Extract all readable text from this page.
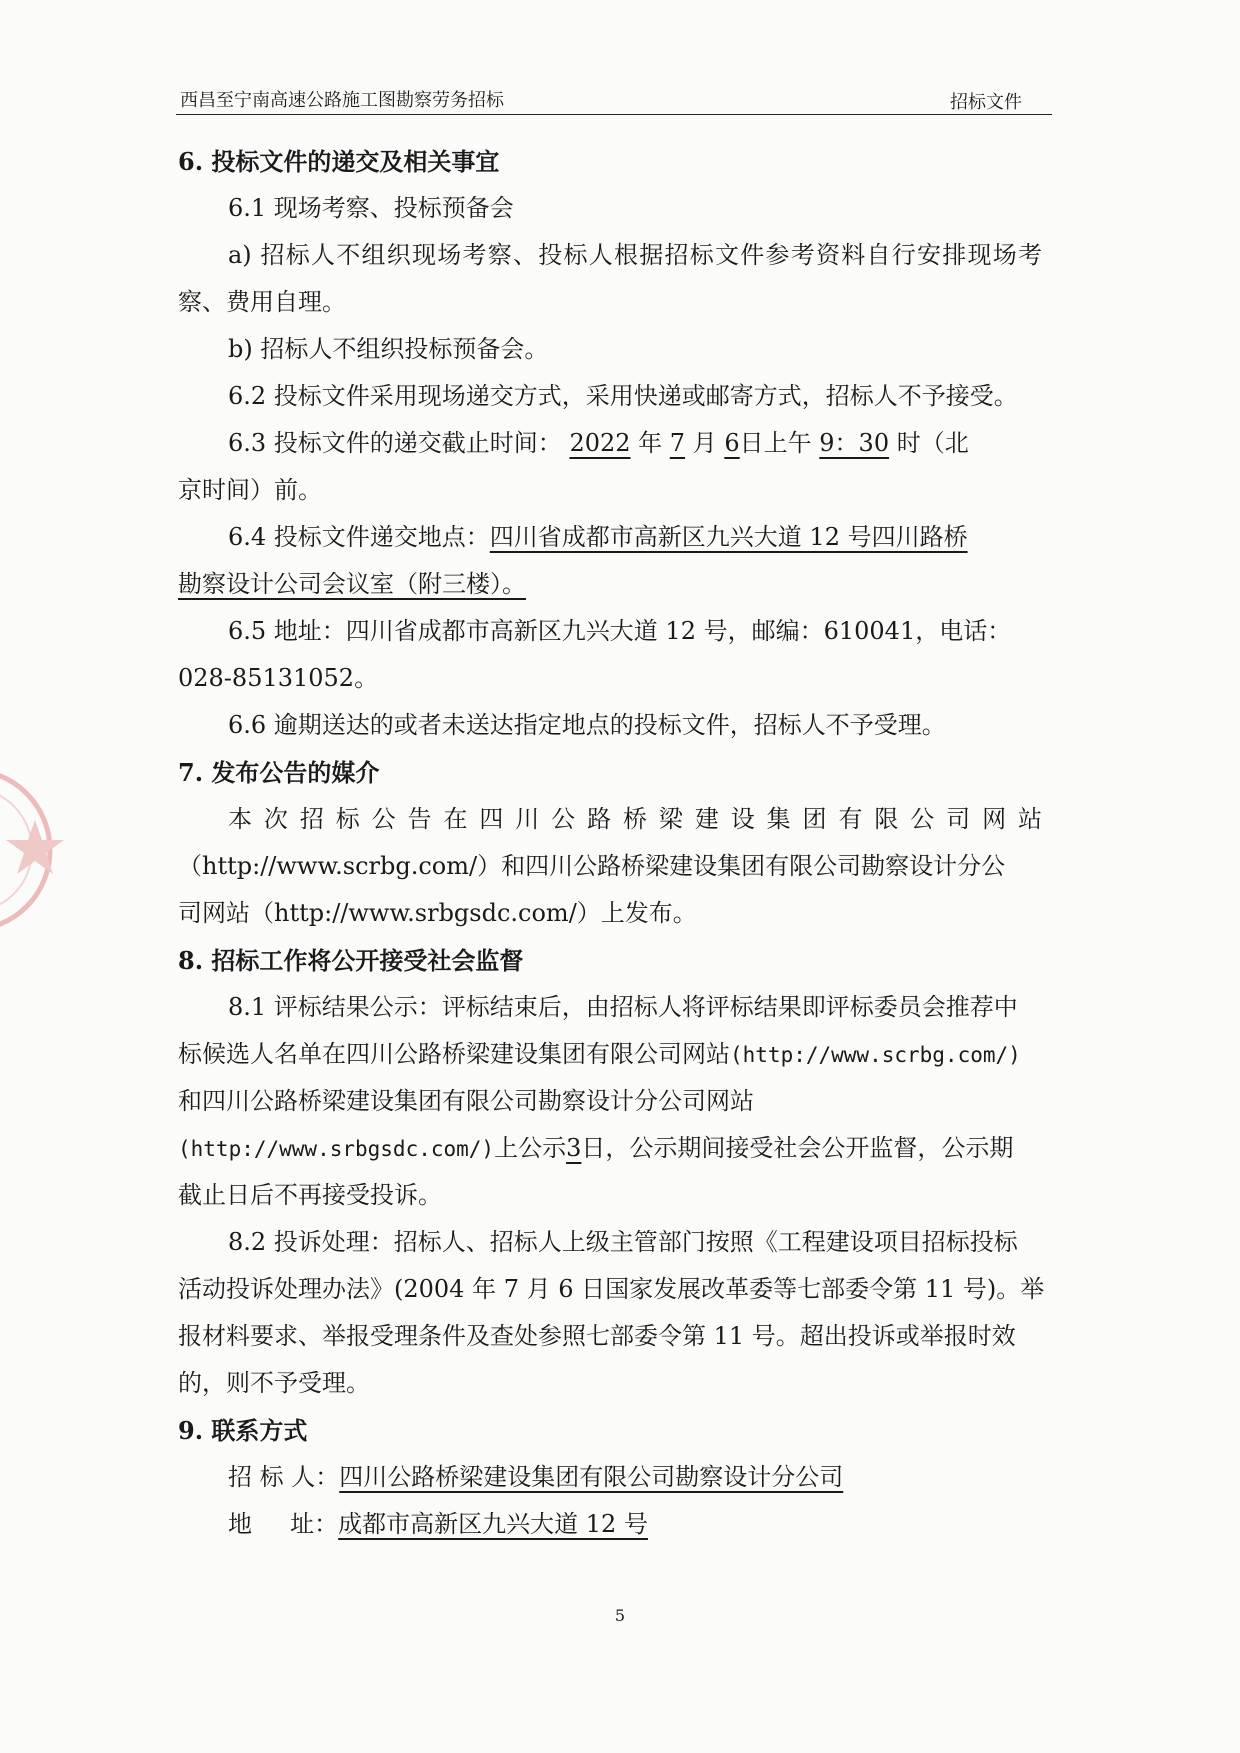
西昌至宁南高速公路施工图勘察劳务招标	招标文件
6. 投标文件的递交及相关事宜
6.1 现场考察、投标预备会
a) 招标人不组织现场考察、投标人根据招标文件参考资料自行安排现场考
察、费用自理。
b) 招标人不组织投标预备会。
6.2 投标文件采用现场递交方式，采用快递或邮寄方式，招标人不予接受。
6.3 投标文件的递交截止时间： 2022 年 7 月 6日上午 9：30 时（北
京时间）前。
6.4 投标文件递交地点：四川省成都市高新区九兴大道 12 号四川路桥
勘察设计公司会议室（附三楼）。
6.5 地址：四川省成都市高新区九兴大道 12 号，邮编：610041，电话：
028-85131052。
6.6 逾期送达的或者未送达指定地点的投标文件，招标人不予受理。
7. 发布公告的媒介
本次招标公告在四川公路桥梁建设集团有限公司网站
（http://www.scrbg.com/）和四川公路桥梁建设集团有限公司勘察设计分公
司网站（http://www.srbgsdc.com/）上发布。
8. 招标工作将公开接受社会监督
8.1 评标结果公示：评标结束后，由招标人将评标结果即评标委员会推荐中
标候选人名单在四川公路桥梁建设集团有限公司网站(http://www.scrbg.com/)
和四川公路桥梁建设集团有限公司勘察设计分公司网站
(http://www.srbgsdc.com/)上公示3日，公示期间接受社会公开监督，公示期
截止日后不再接受投诉。
8.2 投诉处理：招标人、招标人上级主管部门按照《工程建设项目招标投标
活动投诉处理办法》(2004 年 7 月 6 日国家发展改革委等七部委令第 11 号)。举
报材料要求、举报受理条件及查处参照七部委令第 11 号。超出投诉或举报时效
的，则不予受理。
9. 联系方式
招 标 人：四川公路桥梁建设集团有限公司勘察设计分公司
地     址：成都市高新区九兴大道 12 号
5
